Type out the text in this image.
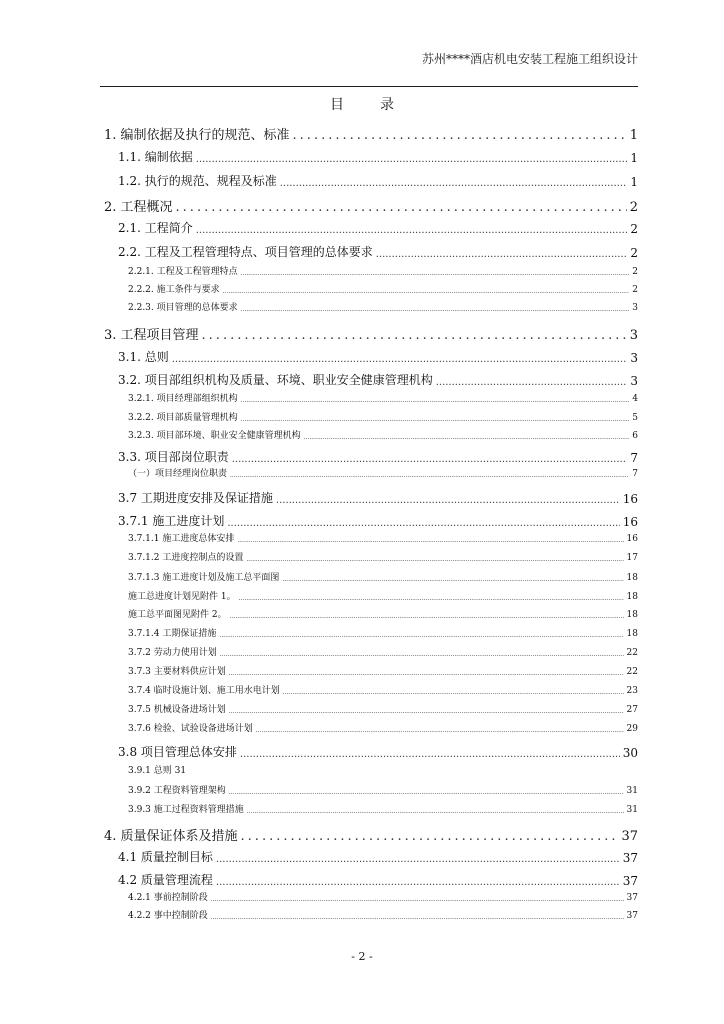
苏州****酒店机电安装工程施工组织设计
目录
1. 编制依据及执行的规范、标准 .....	1
1.1. 编制依据 .....	1
1.2. 执行的规范、规程及标准 .....	1
2. 工程概况 .....	2
2.1. 工程简介 .....	2
2.2. 工程及工程管理特点、项目管理的总体要求 .....	2
2.2.1. 工程及工程管理特点 .....	2
2.2.2. 施工条件与要求 .....	2
2.2.3. 项目管理的总体要求 .....	3
3. 工程项目管理 .....	3
3.1. 总则 .....	3
3.2. 项目部组织机构及质量、环境、职业安全健康管理机构 .....	3
3.2.1. 项目经理部组织机构 .....	4
3.2.2. 项目部质量管理机构 .....	5
3.2.3. 项目部环境、职业安全健康管理机构 .....	6
3.3. 项目部岗位职责 .....	7
（一）项目经理岗位职责 .....	7
3.7 工期进度安排及保证措施 .....	16
3.7.1 施工进度计划 .....	16
3.7.1.1 施工进度总体安排 .....	16
3.7.1.2 工进度控制点的设置 .....	17
3.7.1.3 施工进度计划及施工总平面图 .....	18
施工总进度计划见附件 1。 .....	18
施工总平面图见附件 2。 .....	18
3.7.1.4 工期保证措施 .....	18
3.7.2 劳动力使用计划 .....	22
3.7.3 主要材料供应计划 .....	22
3.7.4 临时设施计划、施工用水电计划 .....	23
3.7.5 机械设备进场计划 .....	27
3.7.6 检验、试验设备进场计划 .....	29
3.8 项目管理总体安排 .....	30
3.9.1 总则 31
3.9.2 工程资料管理架构 .....	31
3.9.3 施工过程资料管理措施 .....	31
4. 质量保证体系及措施 .....	37
4.1 质量控制目标 .....	37
4.2 质量管理流程 .....	37
4.2.1 事前控制阶段 .....	37
4.2.2 事中控制阶段 .....	37
- 2 -
